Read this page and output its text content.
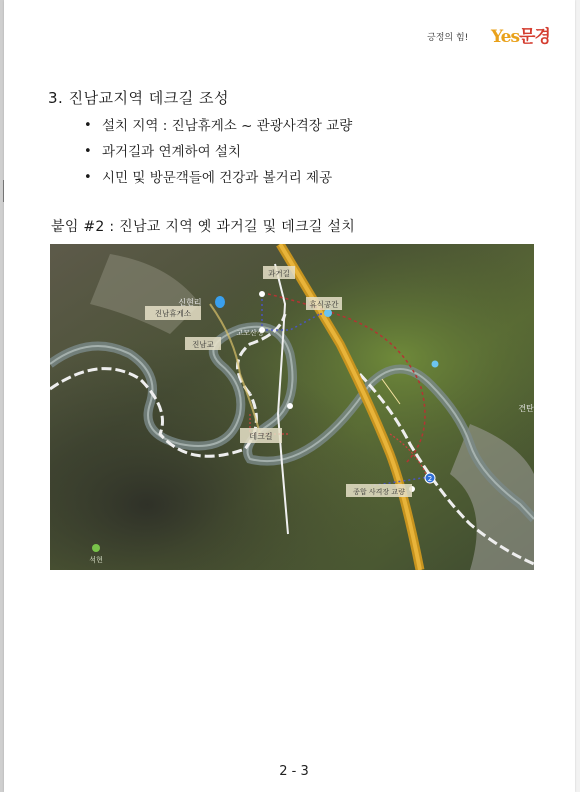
긍정의 힘! Yes문경
3. 진남교지역 데크길 조성
• 설치 지역 : 진남휴게소 ~ 관광사격장 교량
• 과거길과 연계하여 설치
• 시민 및 방문객들에 건강과 볼거리 제공
붙임 #2 : 진남교 지역 옛 과거길 및 데크길 설치
2
진남휴게소
신현리
진남교
과거길
휴식공간
고모산성
데크길
종합 사격장 교량
견탄
석현
2 - 3
